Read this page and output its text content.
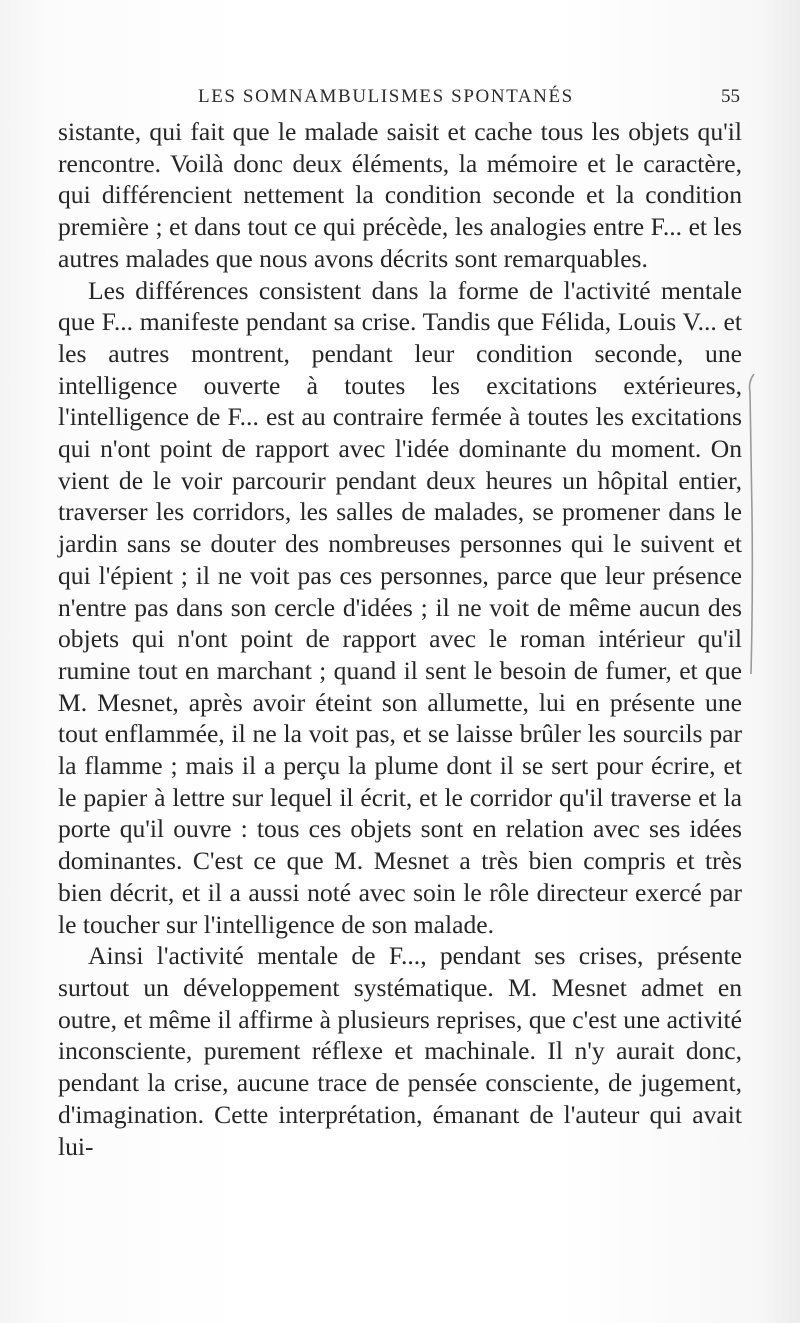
LES SOMNAMBULISMES SPONTANÉS	55

sistante, qui fait que le malade saisit et cache tous les objets qu'il rencontre. Voilà donc deux éléments, la mémoire et le caractère, qui différencient nettement la condition seconde et la condition première ; et dans tout ce qui précède, les analogies entre F... et les autres malades que nous avons décrits sont remarquables.

Les différences consistent dans la forme de l'activité mentale que F... manifeste pendant sa crise. Tandis que Félida, Louis V... et les autres montrent, pendant leur condition seconde, une intelligence ouverte à toutes les excitations extérieures, l'intelligence de F... est au contraire fermée à toutes les excitations qui n'ont point de rapport avec l'idée dominante du moment. On vient de le voir parcourir pendant deux heures un hôpital entier, traverser les corridors, les salles de malades, se promener dans le jardin sans se douter des nombreuses personnes qui le suivent et qui l'épient ; il ne voit pas ces personnes, parce que leur présence n'entre pas dans son cercle d'idées ; il ne voit de même aucun des objets qui n'ont point de rapport avec le roman intérieur qu'il rumine tout en marchant ; quand il sent le besoin de fumer, et que M. Mesnet, après avoir éteint son allumette, lui en présente une tout enflammée, il ne la voit pas, et se laisse brûler les sourcils par la flamme ; mais il a perçu la plume dont il se sert pour écrire, et le papier à lettre sur lequel il écrit, et le corridor qu'il traverse et la porte qu'il ouvre : tous ces objets sont en relation avec ses idées dominantes. C'est ce que M. Mesnet a très bien compris et très bien décrit, et il a aussi noté avec soin le rôle directeur exercé par le toucher sur l'intelligence de son malade.

Ainsi l'activité mentale de F..., pendant ses crises, présente surtout un développement systématique. M. Mesnet admet en outre, et même il affirme à plusieurs reprises, que c'est une activité inconsciente, purement réflexe et machinale. Il n'y aurait donc, pendant la crise, aucune trace de pensée consciente, de jugement, d'imagination. Cette interprétation, émanant de l'auteur qui avait lui-
